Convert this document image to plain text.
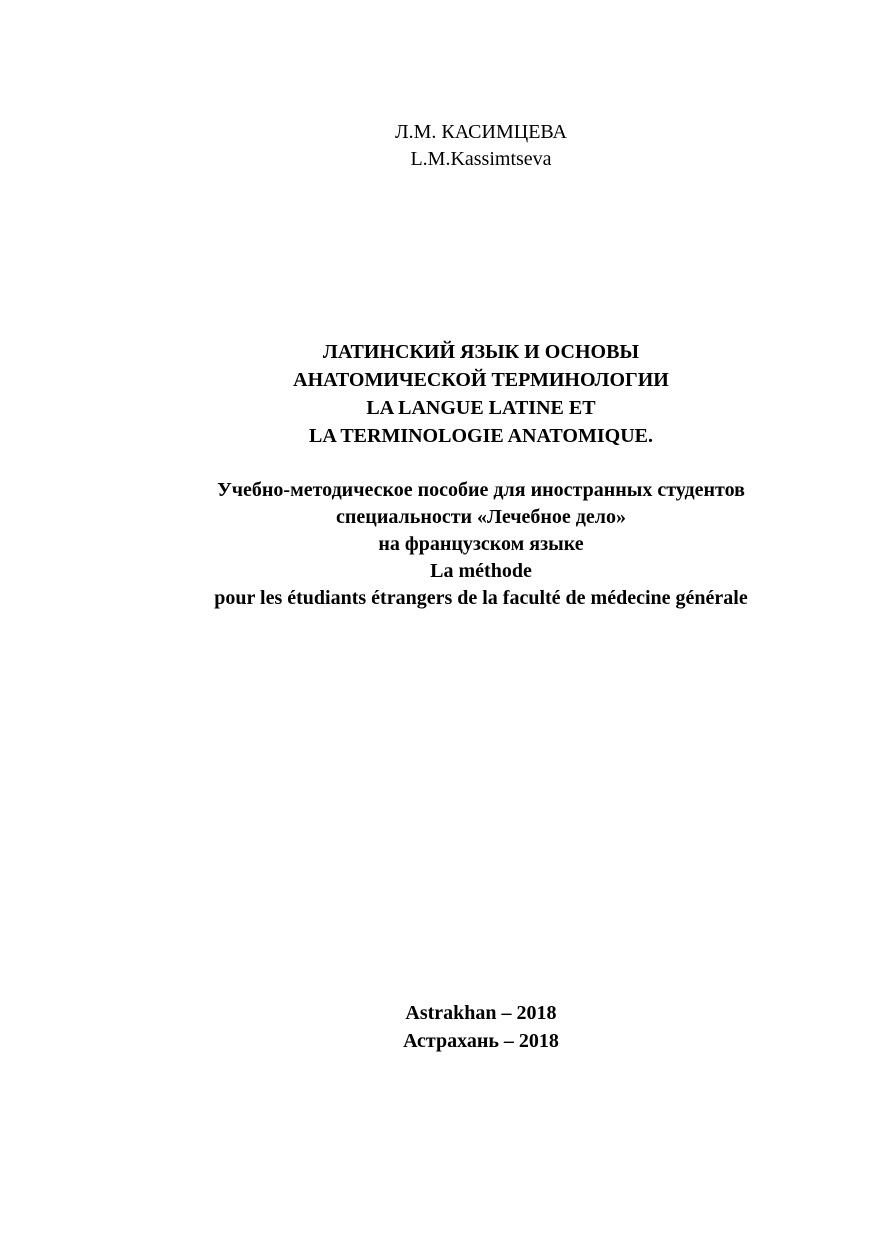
Л.М. КАСИМЦЕВА
L.M.Kassimtseva
ЛАТИНСКИЙ ЯЗЫК И ОСНОВЫ
АНАТОМИЧЕСКОЙ ТЕРМИНОЛОГИИ
LA LANGUE LATINE ET
LA TERMINOLOGIE ANATOMIQUE.
Учебно-методическое пособие для иностранных студентов
специальности «Лечебное дело»
на французском языке
La méthode
pour les étudiants étrangers de la faculté de médecine générale
Astrakhan – 2018
Астрахань – 2018
